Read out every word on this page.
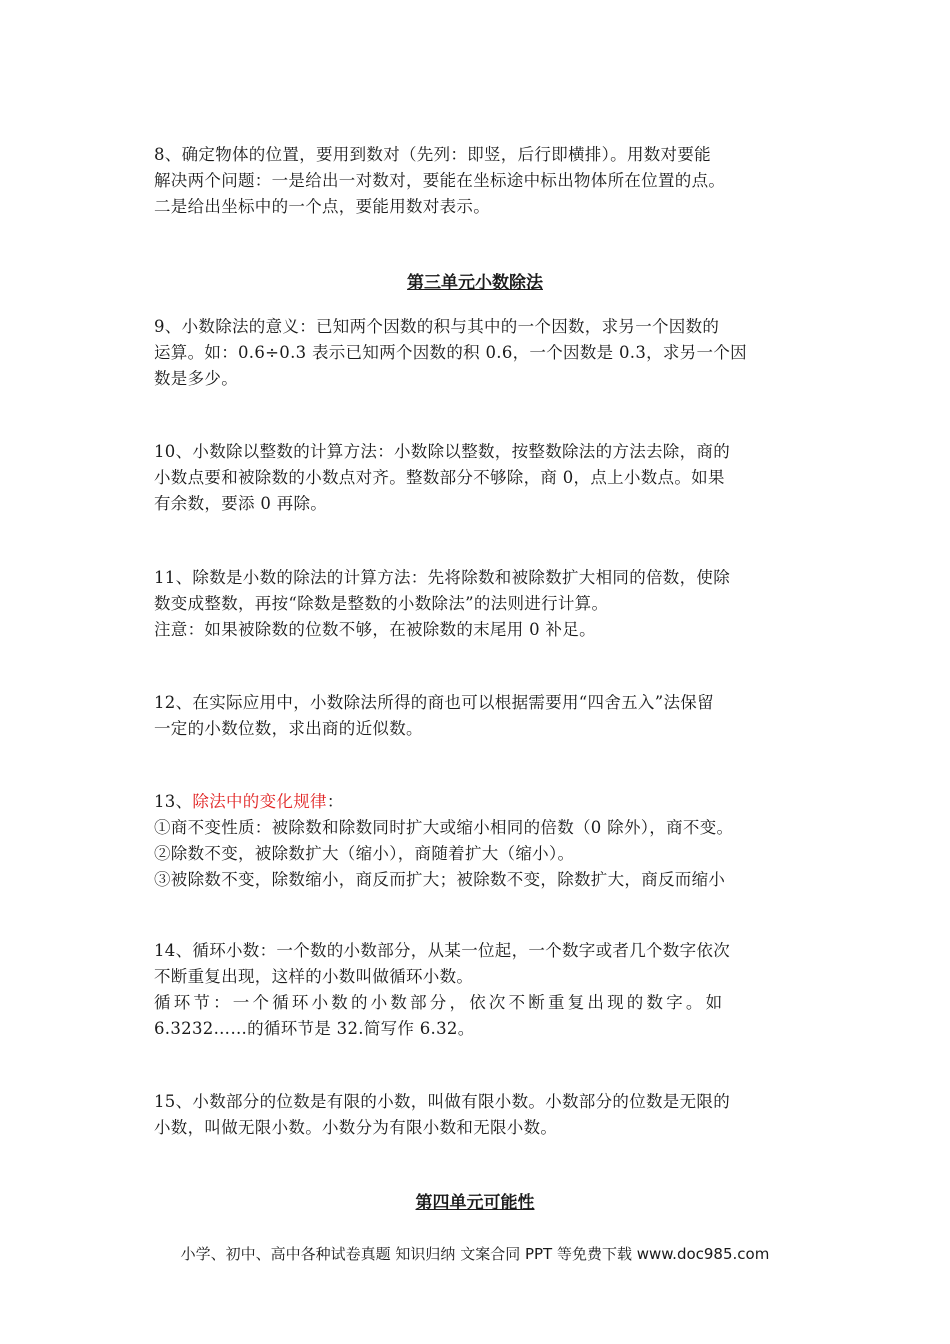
8、确定物体的位置，要用到数对（先列：即竖，后行即横排）。用数对要能
解决两个问题：一是给出一对数对，要能在坐标途中标出物体所在位置的点。
二是给出坐标中的一个点，要能用数对表示。
第三单元小数除法
9、小数除法的意义：已知两个因数的积与其中的一个因数，求另一个因数的
运算。如：0.6÷0.3 表示已知两个因数的积 0.6，一个因数是 0.3，求另一个因
数是多少。
10、小数除以整数的计算方法：小数除以整数，按整数除法的方法去除，商的
小数点要和被除数的小数点对齐。整数部分不够除，商 0，点上小数点。如果
有余数，要添 0 再除。
11、除数是小数的除法的计算方法：先将除数和被除数扩大相同的倍数，使除
数变成整数，再按“除数是整数的小数除法”的法则进行计算。
注意：如果被除数的位数不够，在被除数的末尾用 0 补足。
12、在实际应用中，小数除法所得的商也可以根据需要用“四舍五入”法保留
一定的小数位数，求出商的近似数。
13、除法中的变化规律：
①商不变性质：被除数和除数同时扩大或缩小相同的倍数（0 除外），商不变。
②除数不变，被除数扩大（缩小），商随着扩大（缩小）。
③被除数不变，除数缩小，商反而扩大；被除数不变，除数扩大，商反而缩小
14、循环小数：一个数的小数部分，从某一位起，一个数字或者几个数字依次
不断重复出现，这样的小数叫做循环小数。
循环节：一个循环小数的小数部分，依次不断重复出现的数字。如
6.3232……的循环节是 32.简写作 6.32。
15、小数部分的位数是有限的小数，叫做有限小数。小数部分的位数是无限的
小数，叫做无限小数。小数分为有限小数和无限小数。
第四单元可能性
小学、初中、高中各种试卷真题 知识归纳 文案合同 PPT 等免费下载 www.doc985.com
